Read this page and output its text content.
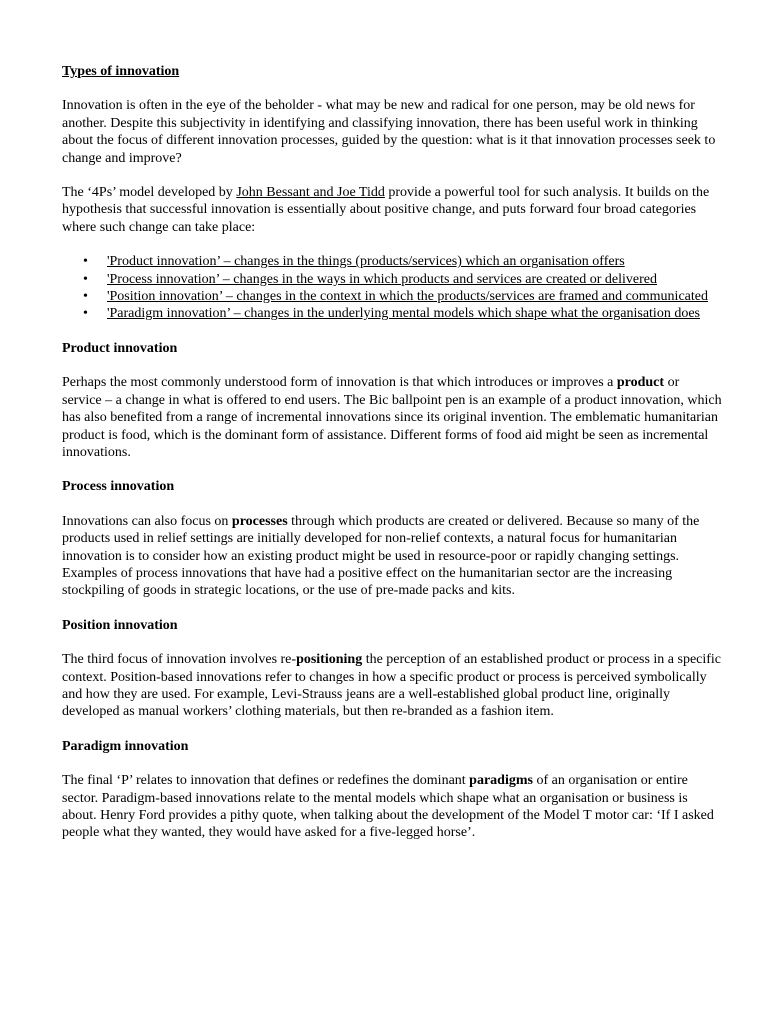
Types of innovation

Innovation is often in the eye of the beholder - what may be new and radical for one person, may be old news for another. Despite this subjectivity in identifying and classifying innovation, there has been useful work in thinking about the focus of different innovation processes, guided by the question: what is it that innovation processes seek to change and improve?

The ‘4Ps’ model developed by John Bessant and Joe Tidd provide a powerful tool for such analysis. It builds on the hypothesis that successful innovation is essentially about positive change, and puts forward four broad categories where such change can take place:

• 'Product innovation’ – changes in the things (products/services) which an organisation offers
• 'Process innovation’ – changes in the ways in which products and services are created or delivered
• 'Position innovation’ – changes in the context in which the products/services are framed and communicated
• 'Paradigm innovation’ – changes in the underlying mental models which shape what the organisation does

Product innovation

Perhaps the most commonly understood form of innovation is that which introduces or improves a product or service – a change in what is offered to end users. The Bic ballpoint pen is an example of a product innovation, which has also benefited from a range of incremental innovations since its original invention. The emblematic humanitarian product is food, which is the dominant form of assistance. Different forms of food aid might be seen as incremental innovations.

Process innovation

Innovations can also focus on processes through which products are created or delivered. Because so many of the products used in relief settings are initially developed for non-relief contexts, a natural focus for humanitarian innovation is to consider how an existing product might be used in resource-poor or rapidly changing settings. Examples of process innovations that have had a positive effect on the humanitarian sector are the increasing stockpiling of goods in strategic locations, or the use of pre-made packs and kits.

Position innovation

The third focus of innovation involves re-positioning the perception of an established product or process in a specific context. Position-based innovations refer to changes in how a specific product or process is perceived symbolically and how they are used. For example, Levi-Strauss jeans are a well-established global product line, originally developed as manual workers’ clothing materials, but then re-branded as a fashion item.

Paradigm innovation

The final ‘P’ relates to innovation that defines or redefines the dominant paradigms of an organisation or entire sector. Paradigm-based innovations relate to the mental models which shape what an organisation or business is about. Henry Ford provides a pithy quote, when talking about the development of the Model T motor car: ‘If I asked people what they wanted, they would have asked for a five-legged horse’.
